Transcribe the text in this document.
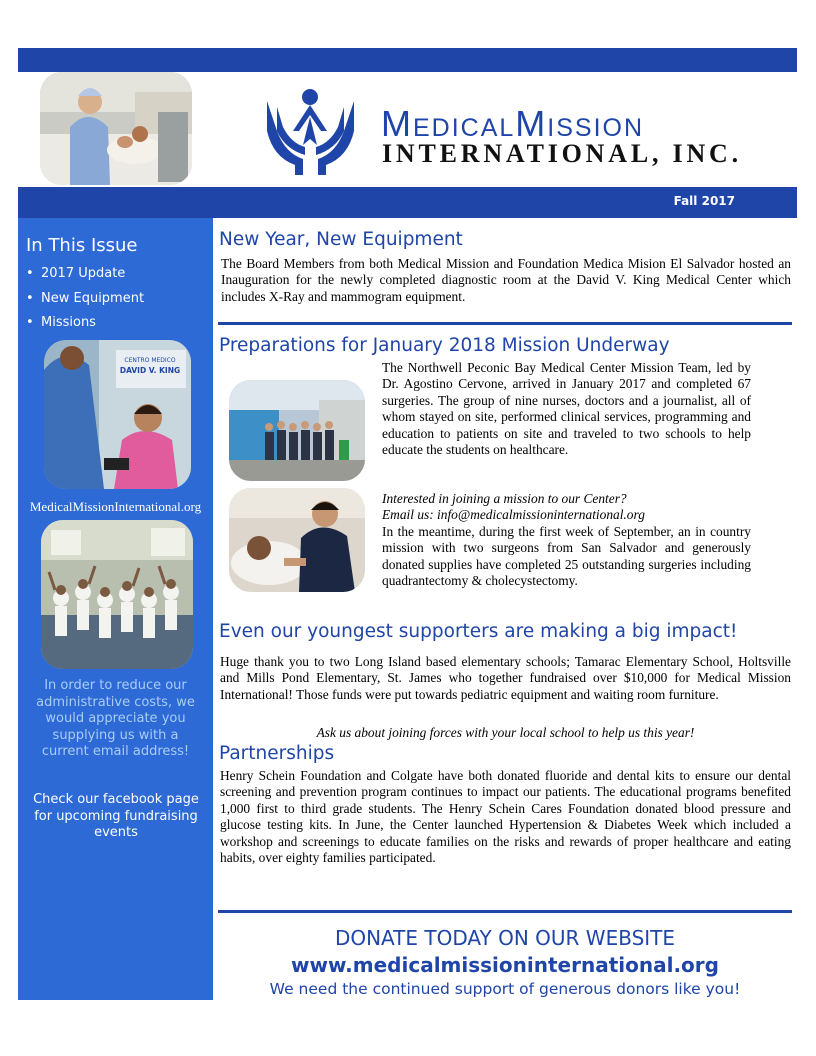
MedicalMission
INTERNATIONAL, INC.
Fall 2017
In This Issue
• 2017 Update
• New Equipment
• Missions
CENTRO MEDICO
DAVID V. KING
MedicalMissionInternational.org
In order to reduce our administrative costs, we would appreciate you supplying us with a current email address!
Check our facebook page for upcoming fundraising events
New Year, New Equipment

The Board Members from both Medical Mission and Foundation Medica Mision El Salvador hosted an Inauguration for the newly completed diagnostic room at the David V. King Medical Center which includes X-Ray and mammogram equipment.

Preparations for January 2018 Mission Underway

The Northwell Peconic Bay Medical Center Mission Team, led by Dr. Agostino Cervone, arrived in January 2017 and completed 67 surgeries. The group of nine nurses, doctors and a journalist, all of whom stayed on site, performed clinical services, programming and education to patients on site and traveled to two schools to help educate the students on healthcare.

Interested in joining a mission to our Center?

Email us: info@medicalmissioninternational.org

In the meantime, during the first week of September, an in country mission with two surgeons from San Salvador and generously donated supplies have completed 25 outstanding surgeries including quadrantectomy & cholecystectomy.

Even our youngest supporters are making a big impact!

Huge thank you to two Long Island based elementary schools; Tamarac Elementary School, Holtsville and Mills Pond Elementary, St. James who together fundraised over $10,000 for Medical Mission International! Those funds were put towards pediatric equipment and waiting room furniture.

Ask us about joining forces with your local school to help us this year!

Partnerships

Henry Schein Foundation and Colgate have both donated fluoride and dental kits to ensure our dental screening and prevention program continues to impact our patients. The educational programs benefited 1,000 first to third grade students. The Henry Schein Cares Foundation donated blood pressure and glucose testing kits. In June, the Center launched Hypertension & Diabetes Week which included a workshop and screenings to educate families on the risks and rewards of proper healthcare and eating habits, over eighty families participated.

DONATE TODAY ON OUR WEBSITE
www.medicalmissioninternational.org
We need the continued support of generous donors like you!
